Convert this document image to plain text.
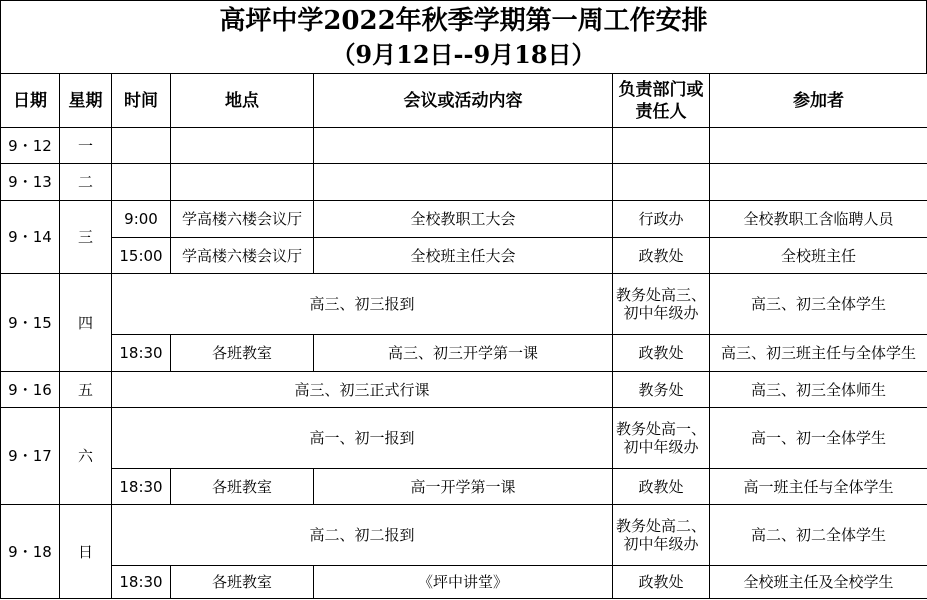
高坪中学2022年秋季学期第一周工作安排
（9月12日--9月18日）
日期	星期	时间	地点	会议或活动内容	负责部门或责任人	参加者
9・12	一					
9・13	二					
9・14	三	9:00	学高楼六楼会议厅	全校教职工大会	行政办	全校教职工含临聘人员
		15:00	学高楼六楼会议厅	全校班主任大会	政教处	全校班主任
9・15	四	高三、初三报到			教务处高三、初中年级办	高三、初三全体学生
		18:30	各班教室	高三、初三开学第一课	政教处	高三、初三班主任与全体学生
9・16	五	高三、初三正式行课			教务处	高三、初三全体师生
9・17	六	高一、初一报到			教务处高一、初中年级办	高一、初一全体学生
		18:30	各班教室	高一开学第一课	政教处	高一班主任与全体学生
9・18	日	高二、初二报到			教务处高二、初中年级办	高二、初二全体学生
		18:30	各班教室	《坪中讲堂》	政教处	全校班主任及全校学生
